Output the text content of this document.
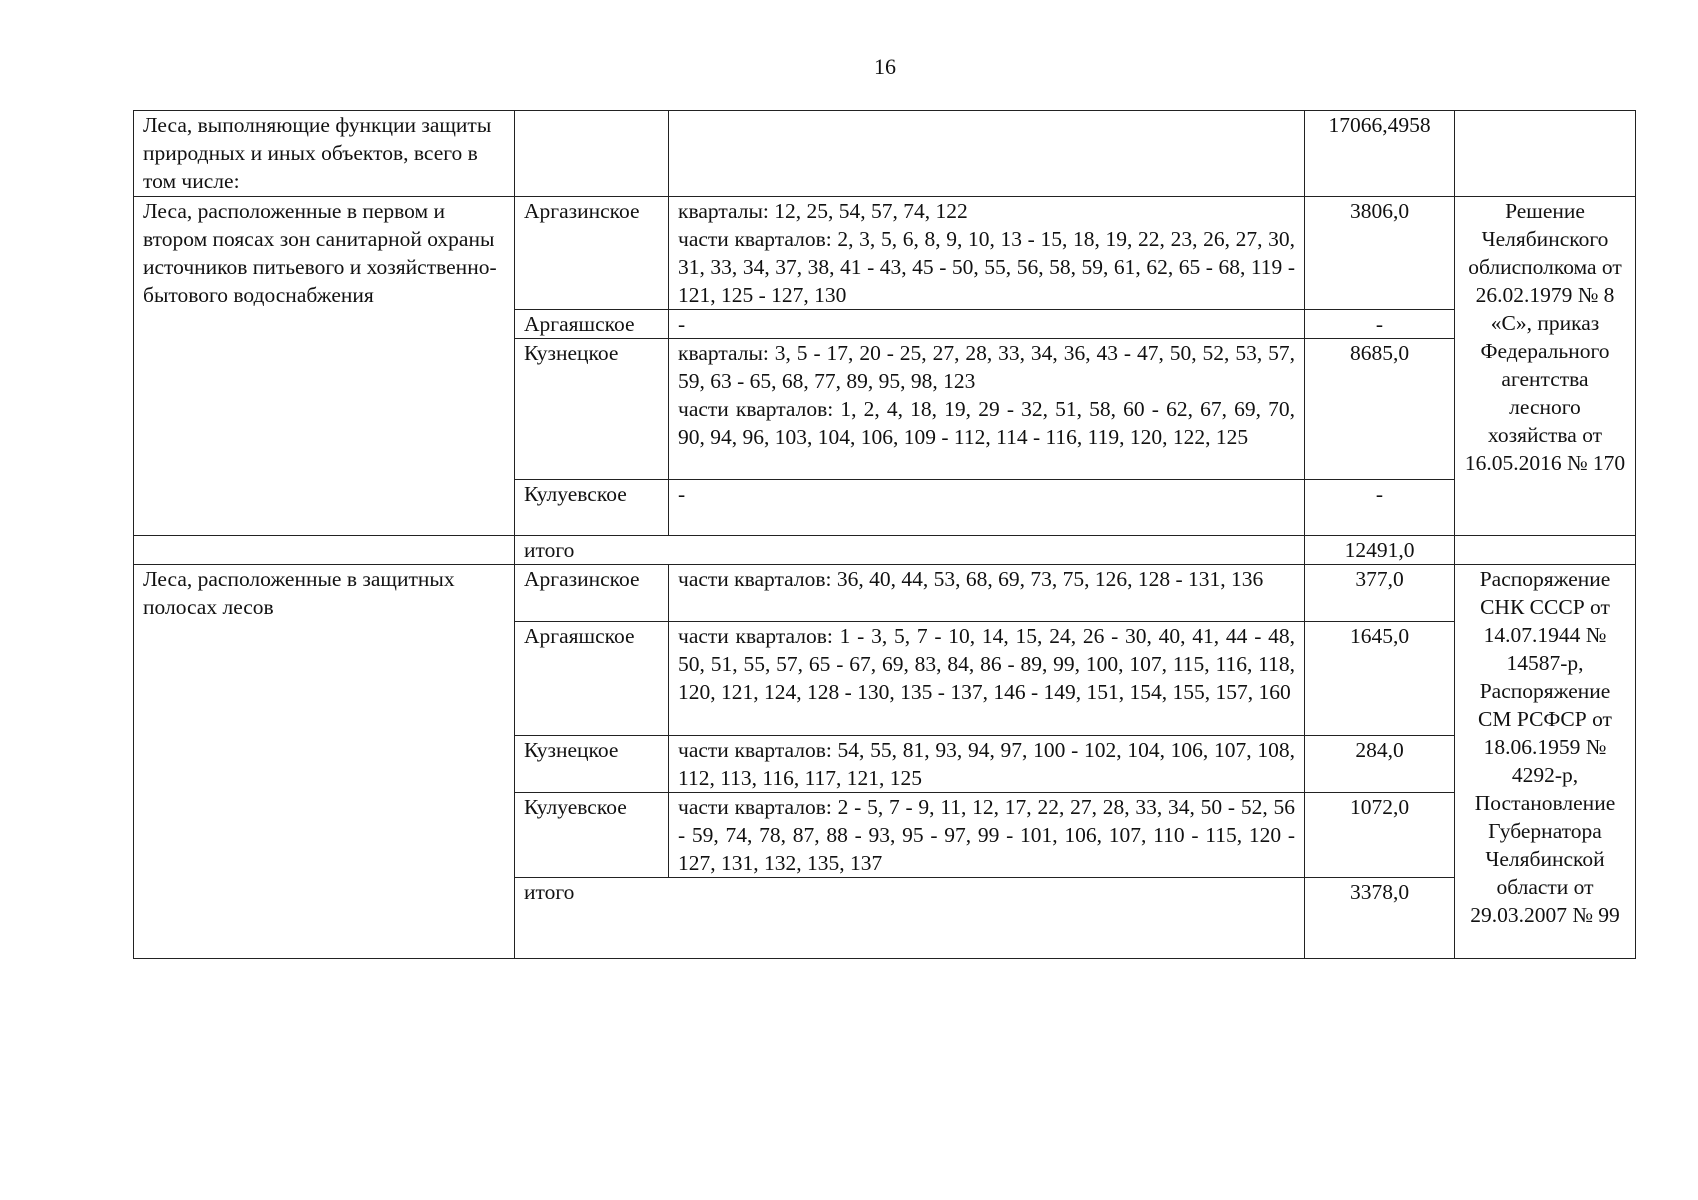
16
Леса, выполняющие функции защиты природных и иных объектов, всего в том числе:			17066,4958	
Леса, расположенные в первом и втором поясах зон санитарной охраны источников питьевого и хозяйственно-бытового водоснабжения	Аргазинское	кварталы: 12, 25, 54, 57, 74, 122
части кварталов: 2, 3, 5, 6, 8, 9, 10, 13 - 15, 18, 19, 22, 23, 26, 27, 30, 31, 33, 34, 37, 38, 41 - 43, 45 - 50, 55, 56, 58, 59, 61, 62, 65 - 68, 119 - 121, 125 - 127, 130	3806,0	Решение Челябинского облисполкома от 26.02.1979 № 8 «С», приказ Федерального агентства лесного хозяйства от 16.05.2016 № 170
	Аргаяшское	-	-	
	Кузнецкое	кварталы: 3, 5 - 17, 20 - 25, 27, 28, 33, 34, 36, 43 - 47, 50, 52, 53, 57, 59, 63 - 65, 68, 77, 89, 95, 98, 123
части кварталов: 1, 2, 4, 18, 19, 29 - 32, 51, 58, 60 - 62, 67, 69, 70, 90, 94, 96, 103, 104, 106, 109 - 112, 114 - 116, 119, 120, 122, 125	8685,0	
	Кулуевское	-	-	
	итого		12491,0	
Леса, расположенные в защитных полосах лесов	Аргазинское	части кварталов: 36, 40, 44, 53, 68, 69, 73, 75, 126, 128 - 131, 136	377,0	Распоряжение СНК СССР от 14.07.1944 № 14587-р, Распоряжение СМ РСФСР от 18.06.1959 № 4292-р, Постановление Губернатора Челябинской области от 29.03.2007 № 99
	Аргаяшское	части кварталов: 1 - 3, 5, 7 - 10, 14, 15, 24, 26 - 30, 40, 41, 44 - 48, 50, 51, 55, 57, 65 - 67, 69, 83, 84, 86 - 89, 99, 100, 107, 115, 116, 118, 120, 121, 124, 128 - 130, 135 - 137, 146 - 149, 151, 154, 155, 157, 160	1645,0	
	Кузнецкое	части кварталов: 54, 55, 81, 93, 94, 97, 100 - 102, 104, 106, 107, 108, 112, 113, 116, 117, 121, 125	284,0	
	Кулуевское	части кварталов: 2 - 5, 7 - 9, 11, 12, 17, 22, 27, 28, 33, 34, 50 - 52, 56 - 59, 74, 78, 87, 88 - 93, 95 - 97, 99 - 101, 106, 107, 110 - 115, 120 - 127, 131, 132, 135, 137	1072,0	
	итого		3378,0	
